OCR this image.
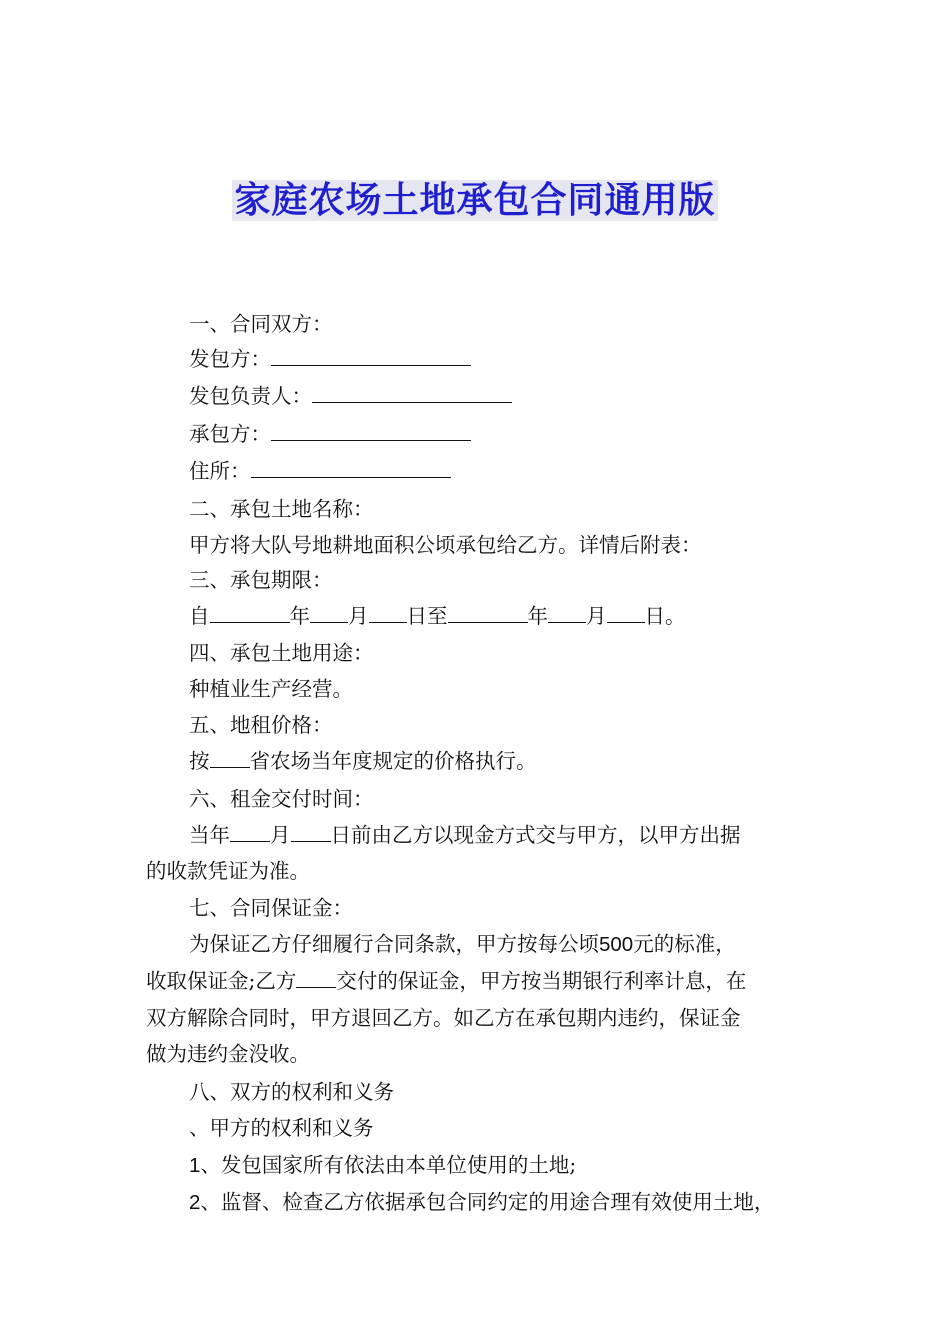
家庭农场土地承包合同通用版
一、合同双方：
发包方：
发包负责人：
承包方：
住所：
二、承包土地名称：
甲方将大队号地耕地面积公顷承包给乙方。详情后附表：
三、承包期限：
自	年 月 日至	年 月 日。
四、承包土地用途：
种植业生产经营。
五、地租价格：
按 省农场当年度规定的价格执行。
六、租金交付时间：
当年 月 日前由乙方以现金方式交与甲方，以甲方出据
的收款凭证为准。
七、合同保证金：
为保证乙方仔细履行合同条款，甲方按每公顷500元的标准，
收取保证金;乙方 交付的保证金，甲方按当期银行利率计息，在
双方解除合同时，甲方退回乙方。如乙方在承包期内违约，保证金
做为违约金没收。
八、双方的权利和义务
、甲方的权利和义务
1、发包国家所有依法由本单位使用的土地;
2、监督、检查乙方依据承包合同约定的用途合理有效使用土地，
